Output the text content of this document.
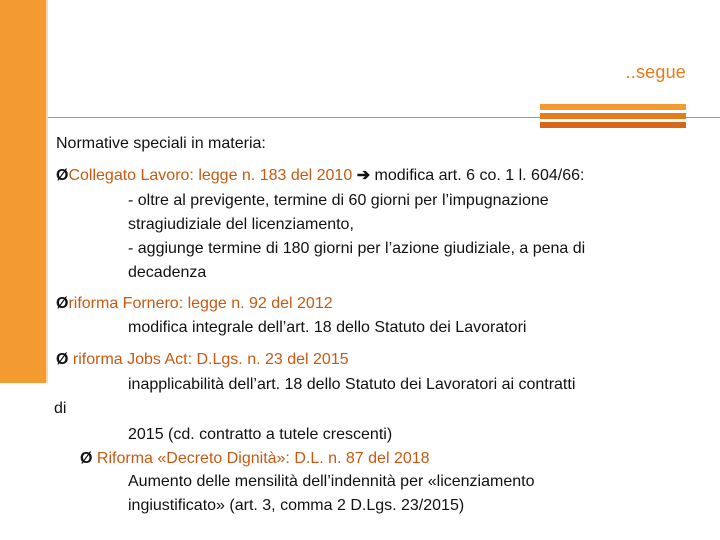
..segue
Normative speciali in materia:
ØCollegato Lavoro: legge n. 183 del 2010 ➔ modifica art. 6 co. 1 l. 604/66:
- oltre al previgente, termine di 60 giorni per l’impugnazione
stragiudiziale del licenziamento,
- aggiunge termine di 180 giorni per l’azione giudiziale, a pena di
decadenza
Øriforma Fornero: legge n. 92 del 2012
modifica integrale dell’art. 18 dello Statuto dei Lavoratori
Ø riforma Jobs Act: D.Lgs. n. 23 del 2015
inapplicabilità dell’art. 18 dello Statuto dei Lavoratori ai contratti
di
2015 (cd. contratto a tutele crescenti)
Ø Riforma «Decreto Dignità»: D.L. n. 87 del 2018
Aumento delle mensilità dell’indennità per «licenziamento
ingiustificato» (art. 3, comma 2 D.Lgs. 23/2015)
